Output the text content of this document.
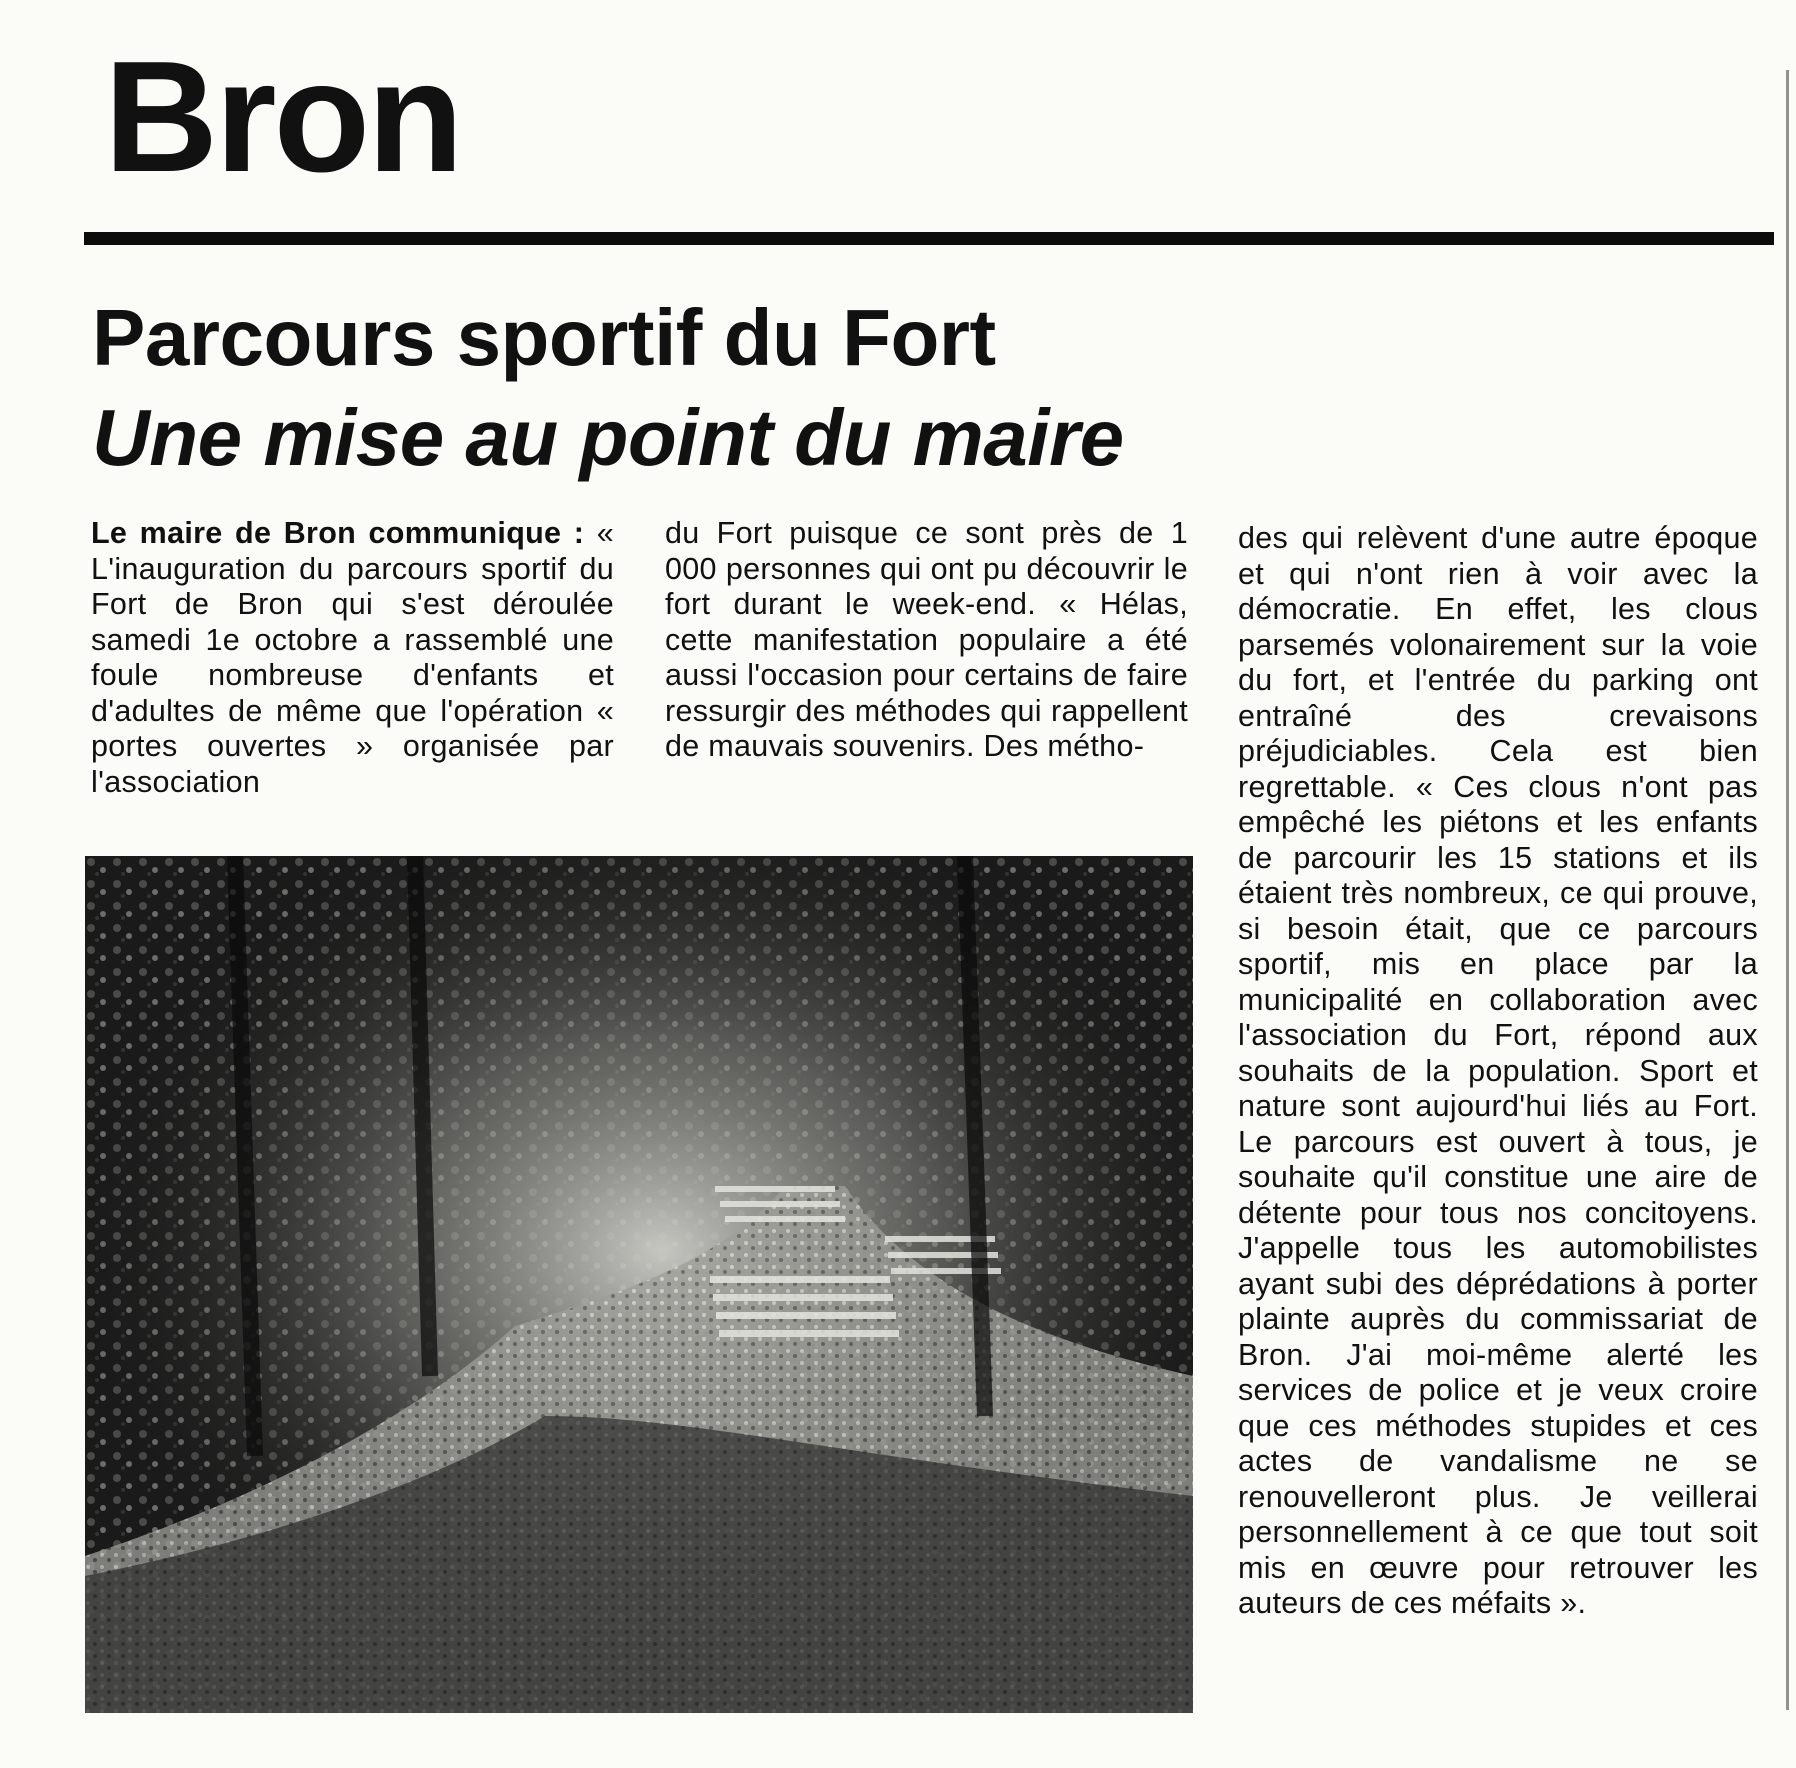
Bron
Parcours sportif du Fort
Une mise au point du maire
Le maire de Bron communique : « L'inauguration du parcours sportif du Fort de Bron qui s'est déroulée samedi 1e octobre a rassemblé une foule nombreuse d'enfants et d'adultes de même que l'opération « portes ouvertes » organisée par l'association
du Fort puisque ce sont près de 1 000 personnes qui ont pu découvrir le fort durant le week-end. « Hélas, cette manifestation populaire a été aussi l'occasion pour certains de faire ressurgir des méthodes qui rappellent de mauvais souvenirs. Des métho-
des qui relèvent d'une autre époque et qui n'ont rien à voir avec la démocratie. En effet, les clous parsemés volonairement sur la voie du fort, et l'entrée du parking ont entraîné des crevaisons préjudiciables. Cela est bien regrettable. « Ces clous n'ont pas empêché les piétons et les enfants de parcourir les 15 stations et ils étaient très nombreux, ce qui prouve, si besoin était, que ce parcours sportif, mis en place par la municipalité en collaboration avec l'association du Fort, répond aux souhaits de la population. Sport et nature sont aujourd'hui liés au Fort. Le parcours est ouvert à tous, je souhaite qu'il constitue une aire de détente pour tous nos concitoyens. J'appelle tous les automobilistes ayant subi des déprédations à porter plainte auprès du commissariat de Bron. J'ai moi-même alerté les services de police et je veux croire que ces méthodes stupides et ces actes de vandalisme ne se renouvelleront plus. Je veillerai personnellement à ce que tout soit mis en œuvre pour retrouver les auteurs de ces méfaits ».
